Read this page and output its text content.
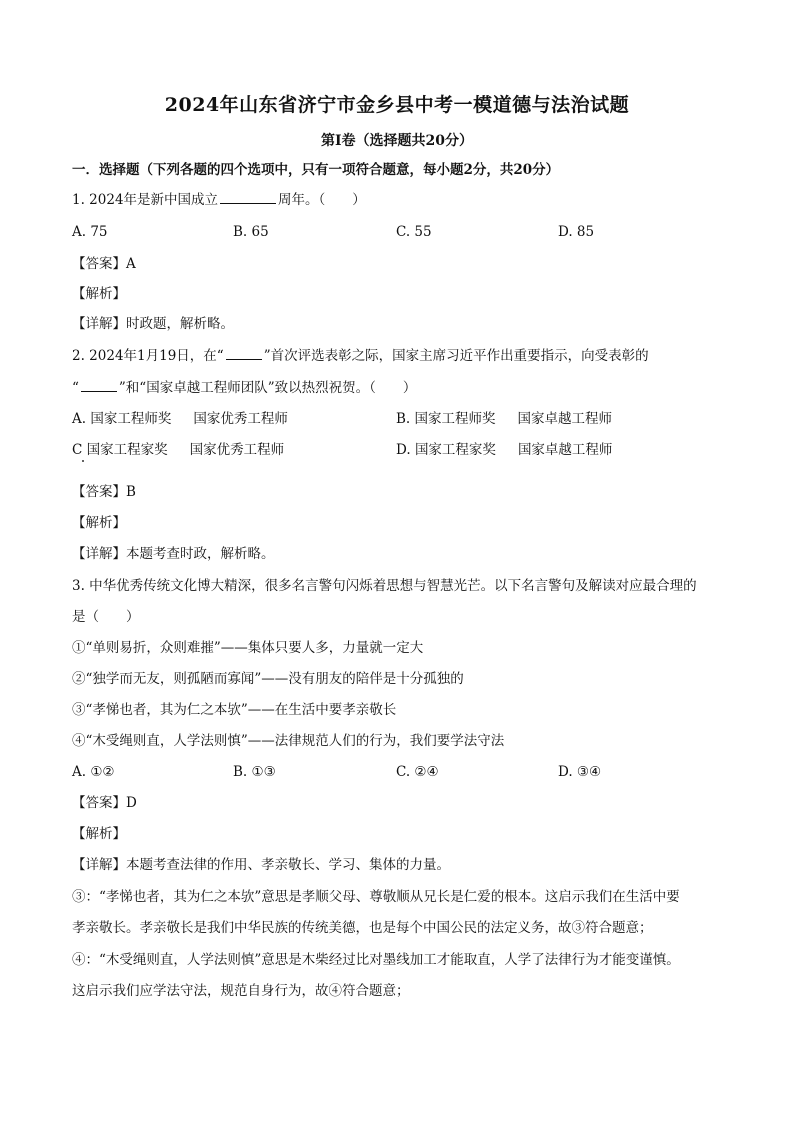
2024年山东省济宁市金乡县中考一模道德与法治试题
第Ⅰ卷（选择题共20分）
一．选择题（下列各题的四个选项中，只有一项符合题意，每小题2分，共20分）
1. 2024年是新中国成立	周年。（　　）
A. 75	B. 65	C. 55	D. 85
【答案】A
【解析】
【详解】时政题，解析略。
2. 2024年1月19日，在“	”首次评选表彰之际，国家主席习近平作出重要指示，向受表彰的
“	”和“国家卓越工程师团队”致以热烈祝贺。（　　）
A. 国家工程师奖 国家优秀工程师	B. 国家工程师奖 国家卓越工程师
C 国家工程家奖 国家优秀工程师	D. 国家工程家奖 国家卓越工程师
【答案】B
【解析】
【详解】本题考查时政，解析略。
3. 中华优秀传统文化博大精深，很多名言警句闪烁着思想与智慧光芒。以下名言警句及解读对应最合理的
是（　　）
①“单则易折，众则难摧”——集体只要人多，力量就一定大
②“独学而无友，则孤陋而寡闻”——没有朋友的陪伴是十分孤独的
③“孝悌也者，其为仁之本欤”——在生活中要孝亲敬长
④“木受绳则直，人学法则慎”——法律规范人们的行为，我们要学法守法
A. ①②	B. ①③	C. ②④	D. ③④
【答案】D
【解析】
【详解】本题考查法律的作用、孝亲敬长、学习、集体的力量。
③：“孝悌也者，其为仁之本欤”意思是孝顺父母、尊敬顺从兄长是仁爱的根本。这启示我们在生活中要
孝亲敬长。孝亲敬长是我们中华民族的传统美德，也是每个中国公民的法定义务，故③符合题意；
④：“木受绳则直，人学法则慎”意思是木柴经过比对墨线加工才能取直，人学了法律行为才能变谨慎。
这启示我们应学法守法，规范自身行为，故④符合题意；
